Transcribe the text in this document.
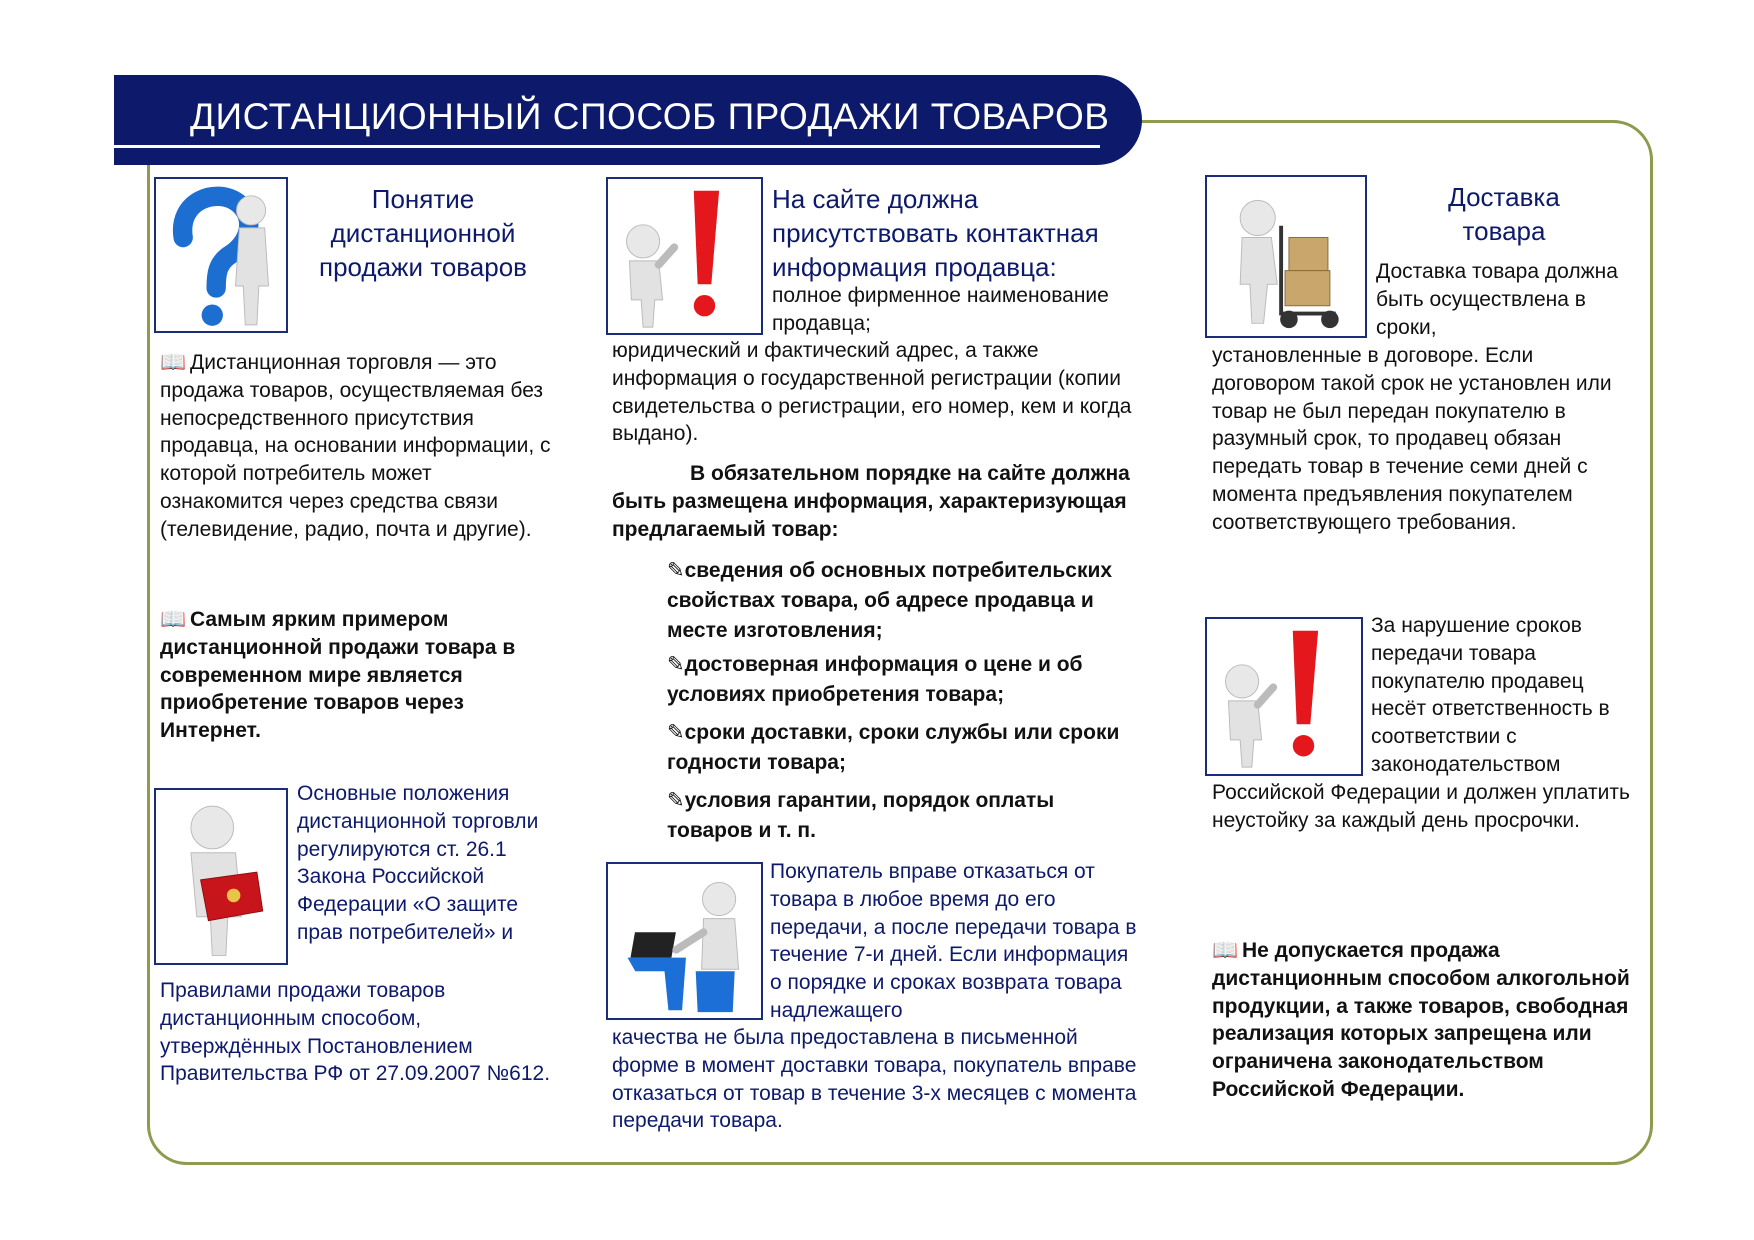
ДИСТАНЦИОННЫЙ СПОСОБ ПРОДАЖИ ТОВАРОВ
Понятие дистанционной продажи товаров
📖 Дистанционная торговля — это продажа товаров, осуществляемая без непосредственного присутствия продавца, на основании информации, с которой потребитель может ознакомится через средства связи (телевидение, радио, почта и другие).
📖 Самым ярким примером дистанционной продажи товара в современном мире является приобретение товаров через Интернет.
Основные положения дистанционной торговли регулируются ст. 26.1 Закона Российской Федерации «О защите прав потребителей» и
Правилами продажи товаров дистанционным способом, утверждённых Постановлением Правительства РФ от 27.09.2007 №612.
На сайте должна присутствовать контактная информация продавца:
полное фирменное наименование продавца;
юридический и фактический адрес, а также информация о государственной регистрации (копии свидетельства о регистрации, его номер, кем и когда выдано).
В обязательном порядке на сайте должна быть размещена информация, характеризующая предлагаемый товар:
✎сведения об основных потребительских свойствах товара, об адресе продавца и месте изготовления;
✎достоверная информация о цене и об условиях приобретения товара;
✎сроки доставки, сроки службы или сроки годности товара;
✎условия гарантии, порядок оплаты товаров и т. п.
Покупатель вправе отказаться от товара в любое время до его передачи, а после передачи товара в течение 7-и дней. Если информация о порядке и сроках возврата товара надлежащего
качества не была предоставлена в письменной форме в момент доставки товара, покупатель вправе отказаться от товар в течение 3-х месяцев с момента передачи товара.
Доставка товара
Доставка товара должна быть осуществлена в сроки,
установленные в договоре. Если договором такой срок не установлен или товар не был передан покупателю в разумный срок, то продавец обязан передать товар в течение семи дней с момента предъявления покупателем соответствующего требования.
За нарушение сроков передачи товара покупателю продавец несёт ответственность в соответствии с законодательством
Российской Федерации и должен уплатить неустойку за каждый день просрочки.
📖 Не допускается продажа дистанционным способом алкогольной продукции, а также товаров, свободная реализация которых запрещена или ограничена законодательством Российской Федерации.
